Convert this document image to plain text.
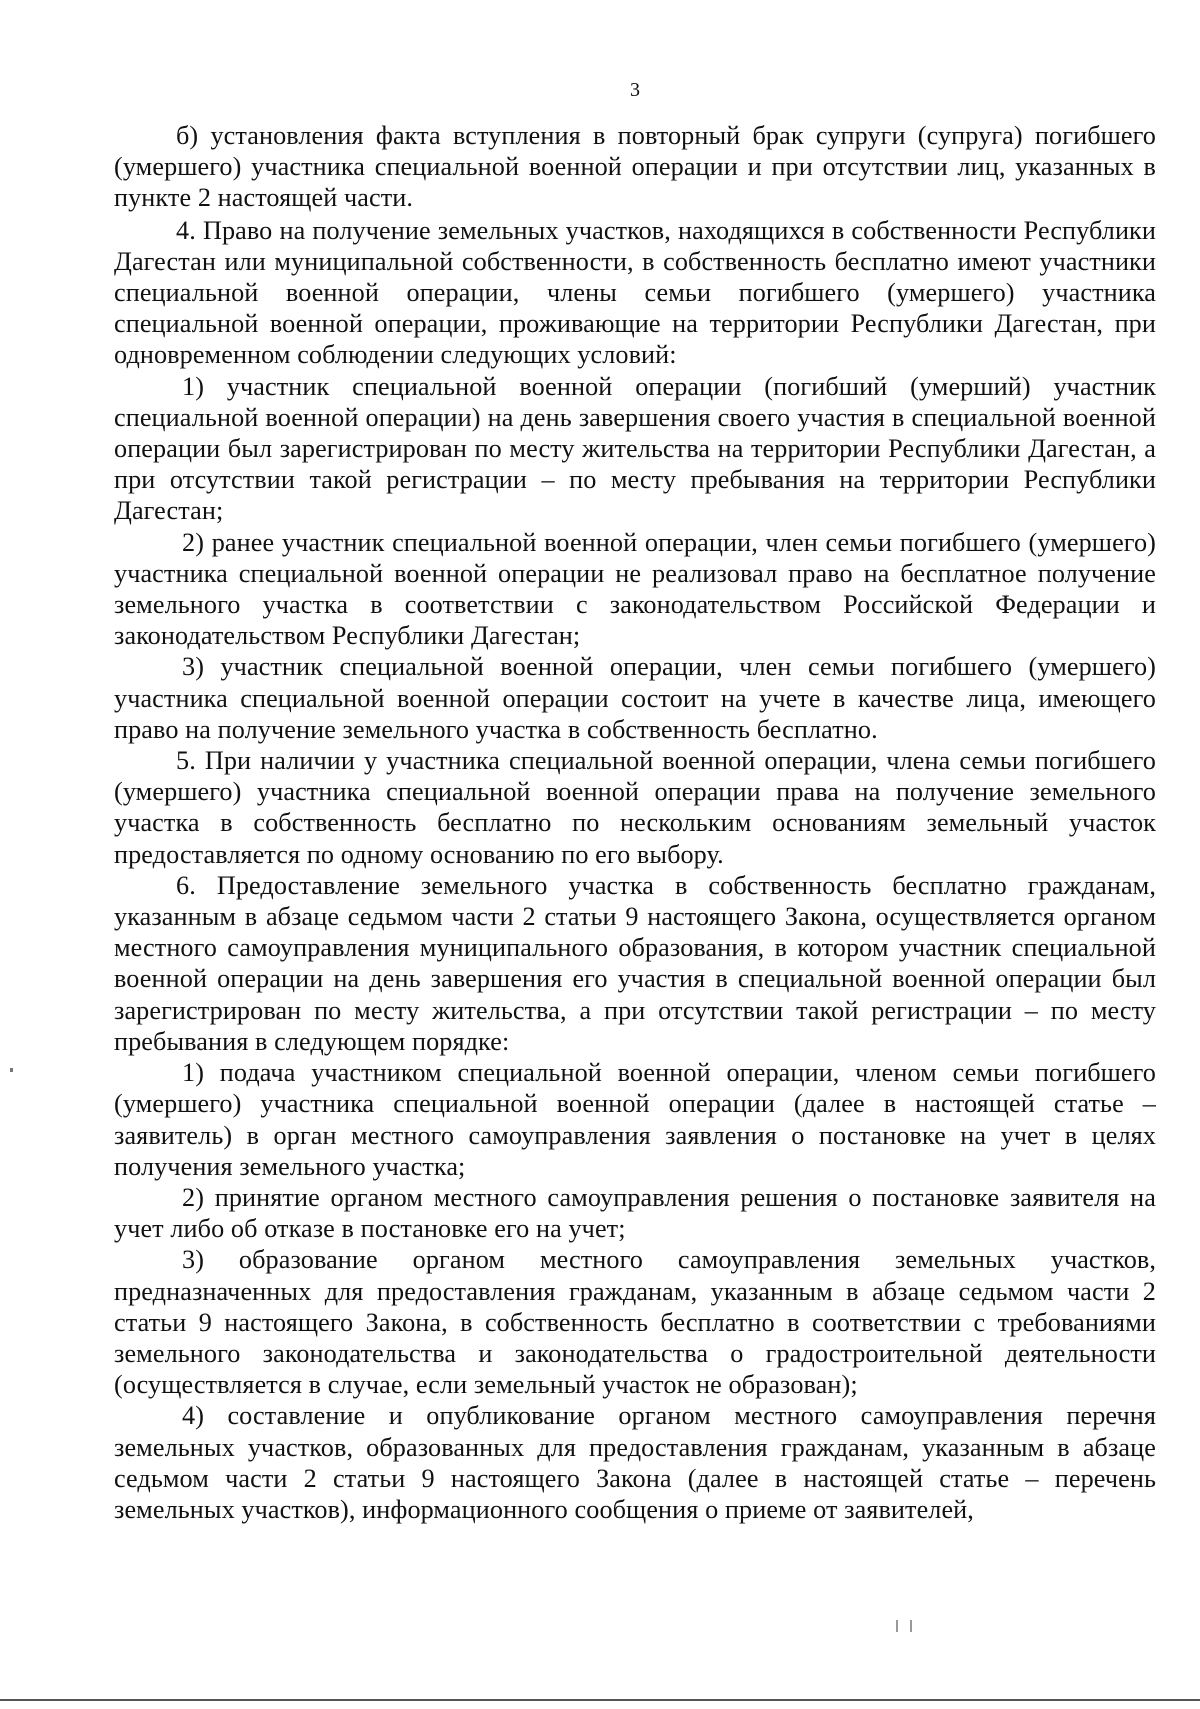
3

б) установления факта вступления в повторный брак супруги (супруга) погибшего (умершего) участника специальной военной операции и при отсутствии лиц, указанных в пункте 2 настоящей части.

4. Право на получение земельных участков, находящихся в собственности Республики Дагестан или муниципальной собственности, в собственность бесплатно имеют участники специальной военной операции, члены семьи погибшего (умершего) участника специальной военной операции, проживающие на территории Республики Дагестан, при одновременном соблюдении следующих условий:

1) участник специальной военной операции (погибший (умерший) участник специальной военной операции) на день завершения своего участия в специальной военной операции был зарегистрирован по месту жительства на территории Республики Дагестан, а при отсутствии такой регистрации – по месту пребывания на территории Республики Дагестан;

2) ранее участник специальной военной операции, член семьи погибшего (умершего) участника специальной военной операции не реализовал право на бесплатное получение земельного участка в соответствии с законодательством Российской Федерации и законодательством Республики Дагестан;

3) участник специальной военной операции, член семьи погибшего (умершего) участника специальной военной операции состоит на учете в качестве лица, имеющего право на получение земельного участка в собственность бесплатно.

5. При наличии у участника специальной военной операции, члена семьи погибшего (умершего) участника специальной военной операции права на получение земельного участка в собственность бесплатно по нескольким основаниям земельный участок предоставляется по одному основанию по его выбору.

6. Предоставление земельного участка в собственность бесплатно гражданам, указанным в абзаце седьмом части 2 статьи 9 настоящего Закона, осуществляется органом местного самоуправления муниципального образования, в котором участник специальной военной операции на день завершения его участия в специальной военной операции был зарегистрирован по месту жительства, а при отсутствии такой регистрации – по месту пребывания в следующем порядке:

1) подача участником специальной военной операции, членом семьи погибшего (умершего) участника специальной военной операции (далее в настоящей статье – заявитель) в орган местного самоуправления заявления о постановке на учет в целях получения земельного участка;

2) принятие органом местного самоуправления решения о постановке заявителя на учет либо об отказе в постановке его на учет;

3) образование органом местного самоуправления земельных участков, предназначенных для предоставления гражданам, указанным в абзаце седьмом части 2 статьи 9 настоящего Закона, в собственность бесплатно в соответствии с требованиями земельного законодательства и законодательства о градостроительной деятельности (осуществляется в случае, если земельный участок не образован);

4) составление и опубликование органом местного самоуправления перечня земельных участков, образованных для предоставления гражданам, указанным в абзаце седьмом части 2 статьи 9 настоящего Закона (далее в настоящей статье – перечень земельных участков), информационного сообщения о приеме от заявителей,
